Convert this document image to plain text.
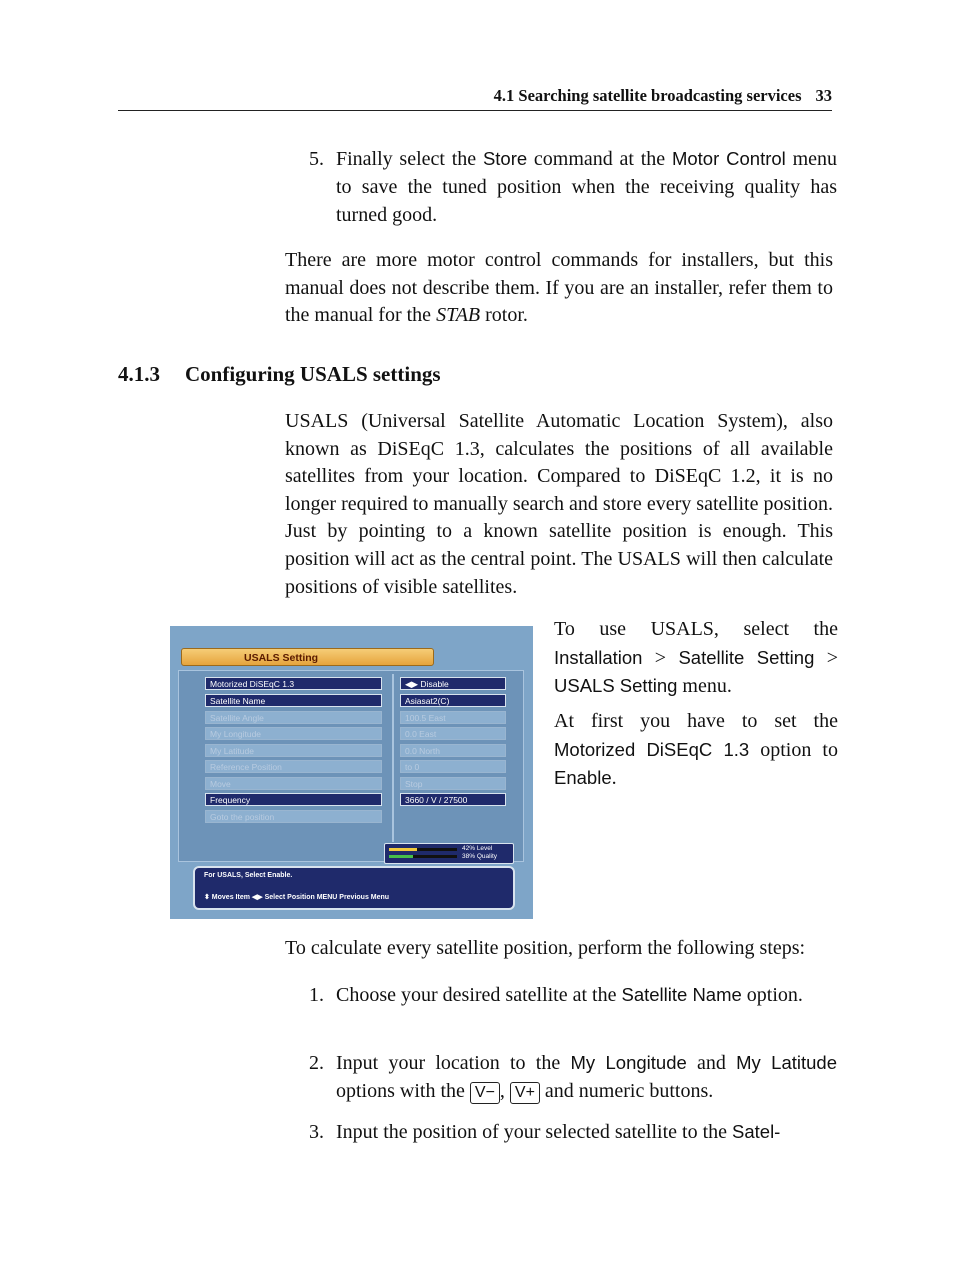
4.1 Searching satellite broadcasting services 33
5. Finally select the Store command at the Motor Control menu to save the tuned position when the receiving quality has turned good.

There are more motor control commands for installers, but this manual does not describe them. If you are an installer, refer them to the manual for the STAB rotor.

4.1.3 Configuring USALS settings

USALS (Universal Satellite Automatic Location System), also known as DiSEqC 1.3, calculates the positions of all available satellites from your location. Compared to DiSEqC 1.2, it is no longer required to manually search and store every satellite position. Just by pointing to a known satellite position is enough. This position will act as the central point. The USALS will then calculate positions of visible satellites.

USALS Setting
Motorized DiSEqC 1.3
Satellite Name
Satellite Angle
My Longitude
My Latitude
Reference Position
Move
Frequency
Goto the position
◀▶ Disable
Asiasat2(C)
100.5 East
0.0 East
0.0 North
to 0
Stop
3660 / V / 27500
42% Level
38% Quality
For USALS, Select Enable.
⬍ Moves Item ◀▶ Select Position MENU Previous Menu

To use USALS, select the Installation > Satellite Setting > USALS Setting menu.

At first you have to set the Motorized DiSEqC 1.3 option to Enable.

To calculate every satellite position, perform the following steps:

1. Choose your desired satellite at the Satellite Name option.
2. Input your location to the My Longitude and My Latitude options with the V− , V+ and numeric buttons.
3. Input the position of your selected satellite to the Satel-
